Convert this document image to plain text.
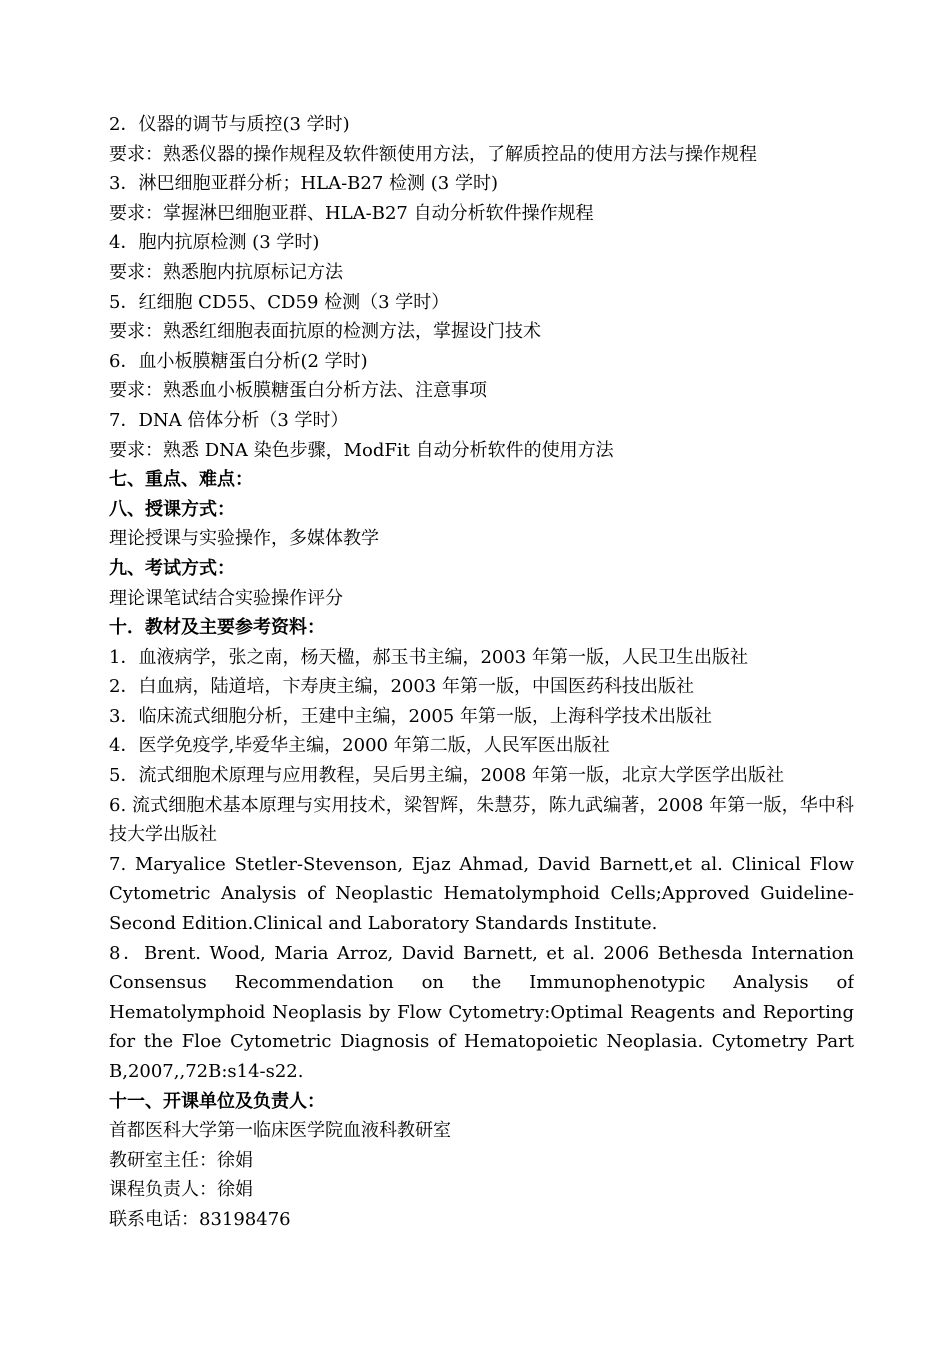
2．仪器的调节与质控(3 学时)
要求：熟悉仪器的操作规程及软件额使用方法，了解质控品的使用方法与操作规程
3．淋巴细胞亚群分析；HLA-B27 检测 (3 学时)
要求：掌握淋巴细胞亚群、HLA-B27 自动分析软件操作规程
4．胞内抗原检测 (3 学时)
要求：熟悉胞内抗原标记方法
5．红细胞 CD55、CD59 检测（3 学时）
要求：熟悉红细胞表面抗原的检测方法，掌握设门技术
6．血小板膜糖蛋白分析(2 学时)
要求：熟悉血小板膜糖蛋白分析方法、注意事项
7．DNA 倍体分析（3 学时）
要求：熟悉 DNA 染色步骤，ModFit 自动分析软件的使用方法
七、重点、难点：
八、授课方式：
理论授课与实验操作，多媒体教学
九、考试方式：
理论课笔试结合实验操作评分
十．教材及主要参考资料：
1．血液病学，张之南，杨天楹，郝玉书主编，2003 年第一版，人民卫生出版社
2．白血病，陆道培，卞寿庚主编，2003 年第一版，中国医药科技出版社
3．临床流式细胞分析，王建中主编，2005 年第一版，上海科学技术出版社
4．医学免疫学,毕爱华主编，2000 年第二版，人民军医出版社
5．流式细胞术原理与应用教程，吴后男主编，2008 年第一版，北京大学医学出版社
6. 流式细胞术基本原理与实用技术，梁智辉，朱慧芬，陈九武编著，2008 年第一版，华中科技大学出版社
7. Maryalice Stetler-Stevenson, Ejaz Ahmad, David Barnett,et al. Clinical Flow Cytometric Analysis of Neoplastic Hematolymphoid Cells;Approved Guideline-Second Edition.Clinical and Laboratory Standards Institute.
8．Brent. Wood, Maria Arroz, David Barnett, et al. 2006 Bethesda Internation Consensus Recommendation on the Immunophenotypic Analysis of Hematolymphoid Neoplasis by Flow Cytometry:Optimal Reagents and Reporting for the Floe Cytometric Diagnosis of Hematopoietic Neoplasia. Cytometry Part B,2007,,72B:s14-s22.
十一、开课单位及负责人：
首都医科大学第一临床医学院血液科教研室
教研室主任：徐娟
课程负责人：徐娟
联系电话：83198476
